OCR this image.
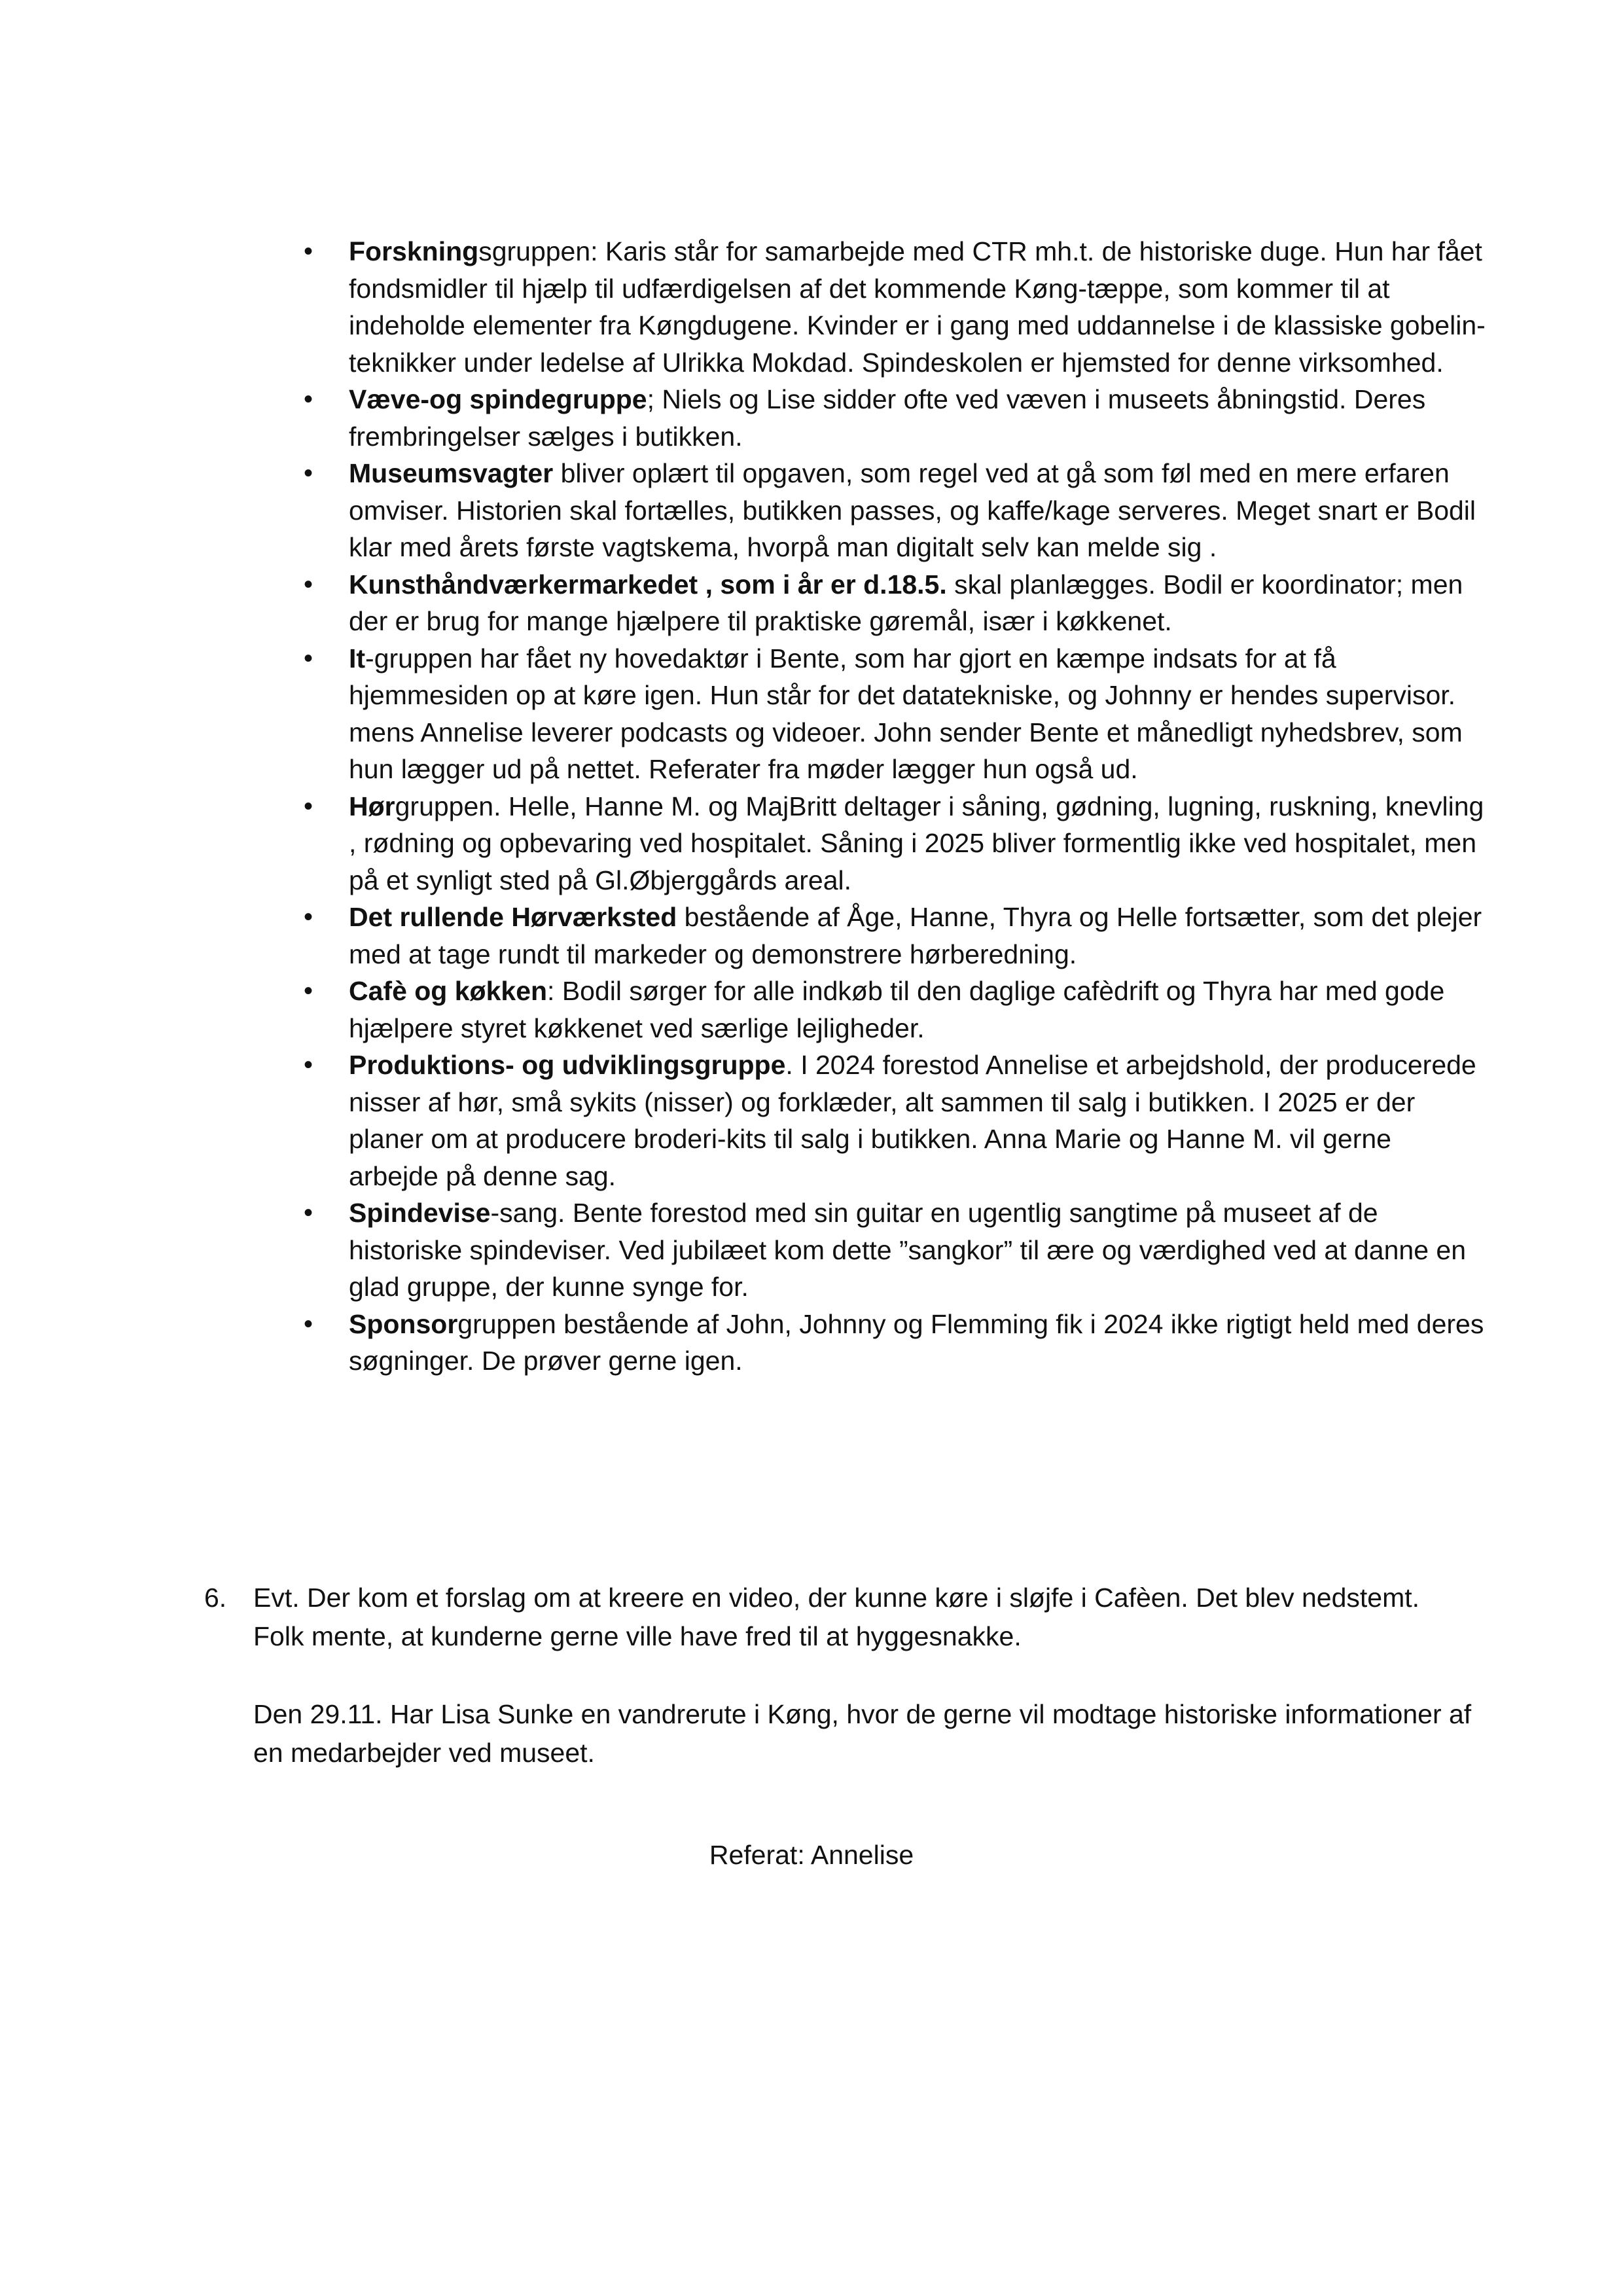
• Forskningsgruppen: Karis står for samarbejde med CTR mh.t. de historiske duge. Hun har fået fondsmidler til hjælp til udfærdigelsen af det kommende Køng-tæppe, som kommer til at indeholde elementer fra Køngdugene. Kvinder er i gang med uddannelse i de klassiske gobelin-teknikker under ledelse af Ulrikka Mokdad. Spindeskolen er hjemsted for denne virksomhed.
• Væve-og spindegruppe; Niels og Lise sidder ofte ved væven i museets åbningstid. Deres frembringelser sælges i butikken.
• Museumsvagter bliver oplært til opgaven, som regel ved at gå som føl med en mere erfaren omviser. Historien skal fortælles, butikken passes, og kaffe/kage serveres. Meget snart er Bodil klar med årets første vagtskema, hvorpå man digitalt selv kan melde sig .
• Kunsthåndværkermarkedet , som i år er d.18.5. skal planlægges. Bodil er koordinator; men der er brug for mange hjælpere til praktiske gøremål, især i køkkenet.
• It-gruppen har fået ny hovedaktør i Bente, som har gjort en kæmpe indsats for at få hjemmesiden op at køre igen. Hun står for det datatekniske, og Johnny er hendes supervisor. mens Annelise leverer podcasts og videoer. John sender Bente et månedligt nyhedsbrev, som hun lægger ud på nettet. Referater fra møder lægger hun også ud.
• Hørgruppen. Helle, Hanne M. og MajBritt deltager i såning, gødning, lugning, ruskning, knevling , rødning og opbevaring ved hospitalet. Såning i 2025 bliver formentlig ikke ved hospitalet, men på et synligt sted på Gl.Øbjerggårds areal.
• Det rullende Hørværksted bestående af Åge, Hanne, Thyra og Helle fortsætter, som det plejer med at tage rundt til markeder og demonstrere hørberedning.
• Cafè og køkken: Bodil sørger for alle indkøb til den daglige cafèdrift og Thyra har med gode hjælpere styret køkkenet ved særlige lejligheder.
• Produktions- og udviklingsgruppe. I 2024 forestod Annelise et arbejdshold, der producerede nisser af hør, små sykits (nisser) og forklæder, alt sammen til salg i butikken. I 2025 er der planer om at producere broderi-kits til salg i butikken. Anna Marie og Hanne M. vil gerne arbejde på denne sag.
• Spindevise-sang. Bente forestod med sin guitar en ugentlig sangtime på museet af de historiske spindeviser. Ved jubilæet kom dette ”sangkor” til ære og værdighed ved at danne en glad gruppe, der kunne synge for.
• Sponsorgruppen bestående af John, Johnny og Flemming fik i 2024 ikke rigtigt held med deres søgninger. De prøver gerne igen.
6. Evt. Der kom et forslag om at kreere en video, der kunne køre i sløjfe i Cafèen. Det blev nedstemt. Folk mente, at kunderne gerne ville have fred til at hyggesnakke.

Den 29.11. Har Lisa Sunke en vandrerute i Køng, hvor de gerne vil modtage historiske informationer af en medarbejder ved museet.

Referat: Annelise
